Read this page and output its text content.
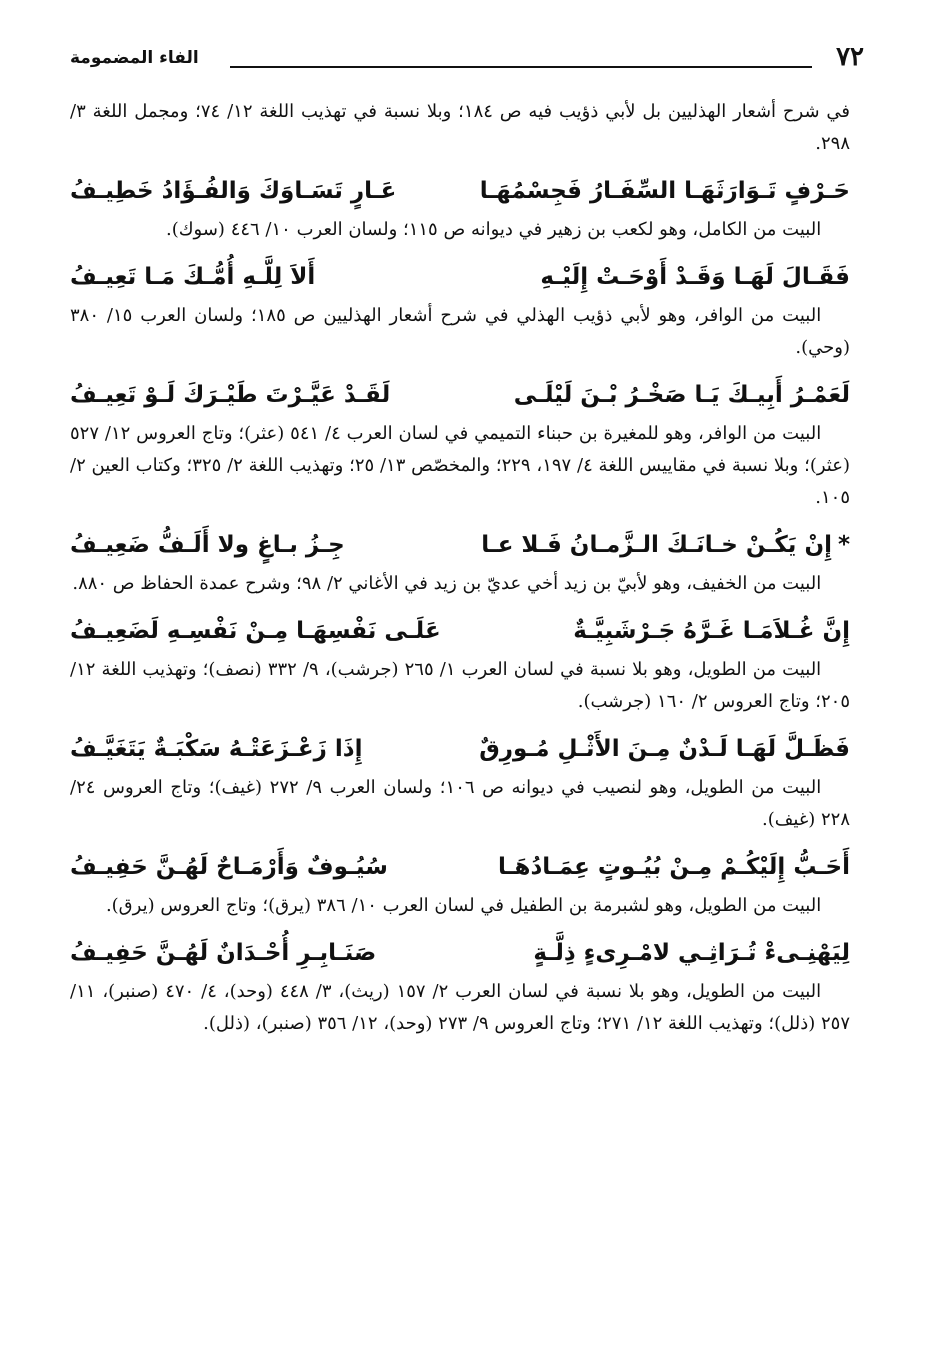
٧٢
الفاء المضمومة

في شرح أشعار الهذليين بل لأبي ذؤيب فيه ص ١٨٤؛ وبلا نسبة في تهذيب اللغة ١٢/ ٧٤؛ ومجمل اللغة ٣/ ٢٩٨.

حَـرْفٍ تَـوَارَثَهَـا السِّفَـارُ فَجِسْمُهَـا
عَـارٍ تَسَـاوَكَ وَالفُـؤَادُ خَطِيـفُ

البيت من الكامل، وهو لكعب بن زهير في ديوانه ص ١١٥؛ ولسان العرب ١٠/ ٤٤٦ (سوك).

فَقَـالَ لَهَـا وَقَـدْ أَوْحَـتْ إِلَيْـهِ
أَلاَ لِلَّـهِ أُمُّـكَ مَـا تَعِيـفُ

البيت من الوافر، وهو لأبي ذؤيب الهذلي في شرح أشعار الهذليين ص ١٨٥؛ ولسان العرب ١٥/ ٣٨٠ (وحي).

لَعَمْـرُ أَبِيـكَ يَـا صَخْـرُ بْـنَ لَيْلَـى
لَقَـدْ عَيَّـرْتَ طَيْـرَكَ لَـوْ تَعِيـفُ

البيت من الوافر، وهو للمغيرة بن حبناء التميمي في لسان العرب ٤/ ٥٤١ (عثر)؛ وتاج العروس ١٢/ ٥٢٧ (عثر)؛ وبلا نسبة في مقاييس اللغة ٤/ ١٩٧، ٢٢٩؛ والمخصّص ١٣/ ٢٥؛ وتهذيب اللغة ٢/ ٣٢٥؛ وكتاب العين ٢/ ١٠٥.

*إِنْ يَكُـنْ خـانَـكَ الـزَّمـانُ فَـلا عـا
جِـزُ بـاغٍ ولا أَلَـفُّ ضَعِيـفُ

البيت من الخفيف، وهو لأبيّ بن زيد أخي عديّ بن زيد في الأغاني ٢/ ٩٨؛ وشرح عمدة الحفاظ ص ٨٨٠.

إِنَّ غُـلاَمَـا غَـرَّهُ جَـرْشَبِيَّـةٌ
عَلَـى نَفْسِهَـا مِـنْ نَفْسِـهِ لَضَعِيـفُ

البيت من الطويل، وهو بلا نسبة في لسان العرب ١/ ٢٦٥ (جرشب)، ٩/ ٣٣٢ (نصف)؛ وتهذيب اللغة ١٢/ ٢٠٥؛ وتاج العروس ٢/ ١٦٠ (جرشب).

فَظَـلَّ لَهَـا لَـدْنٌ مِـنَ الأَثْـلِ مُـورِقٌ
إِذَا زَعْـزَعَتْـهُ سَكْبَـةٌ يَتَغَيَّـفُ

البيت من الطويل، وهو لنصيب في ديوانه ص ١٠٦؛ ولسان العرب ٩/ ٢٧٢ (غيف)؛ وتاج العروس ٢٤/ ٢٢٨ (غيف).

أَحَـبُّ إِلَيْكُـمْ مِـنْ بُيُـوتٍ عِمَـادُهَـا
سُيُـوفٌ وَأَرْمَـاحٌ لَهُـنَّ حَفِيـفُ

البيت من الطويل، وهو لشبرمة بن الطفيل في لسان العرب ١٠/ ٣٨٦ (يرق)؛ وتاج العروس (يرق).

لِيَهْنِـىءْ تُـرَاثِـي لامْـرِىءٍ ذِلَّـةٍ
صَنَـابِـرِ أُحْـدَانٌ لَهُـنَّ حَفِيـفُ

البيت من الطويل، وهو بلا نسبة في لسان العرب ٢/ ١٥٧ (ريث)، ٣/ ٤٤٨ (وحد)، ٤/ ٤٧٠ (صنبر)، ١١/ ٢٥٧ (ذلل)؛ وتهذيب اللغة ١٢/ ٢٧١؛ وتاج العروس ٩/ ٢٧٣ (وحد)، ١٢/ ٣٥٦ (صنبر)، (ذلل).
